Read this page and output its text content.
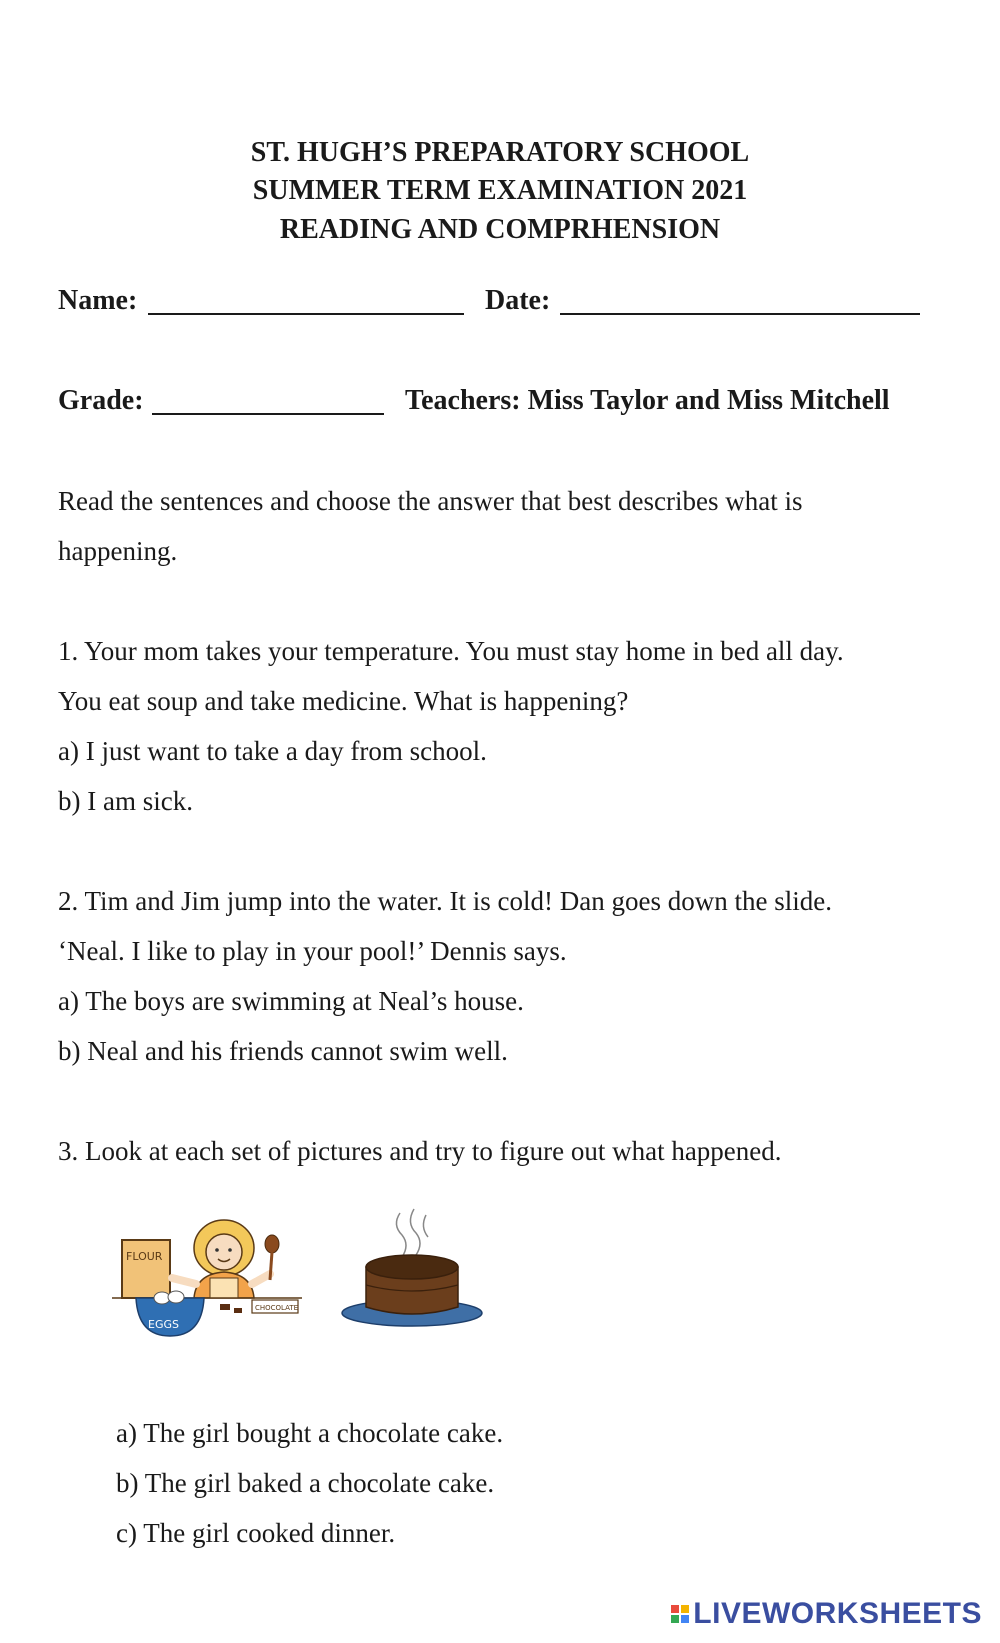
ST. HUGH’S PREPARATORY SCHOOL
SUMMER TERM EXAMINATION 2021
READING AND COMPRHENSION
Name:	Date:
Grade:	Teachers: Miss Taylor and Miss Mitchell
Read the sentences and choose the answer that best describes what is
happening.
1. Your mom takes your temperature. You must stay home in bed all day.
You eat soup and take medicine. What is happening?
a) I just want to take a day from school.
b) I am sick.
2. Tim and Jim jump into the water. It is cold! Dan goes down the slide.
‘Neal. I like to play in your pool!’ Dennis says.
a) The boys are swimming at Neal’s house.
b) Neal and his friends cannot swim well.
3. Look at each set of pictures and try to figure out what happened.
FLOUR
EGGS
CHOCOLATE
a) The girl bought a chocolate cake.
b) The girl baked a chocolate cake.
c) The girl cooked dinner.
LIVEWORKSHEETS
